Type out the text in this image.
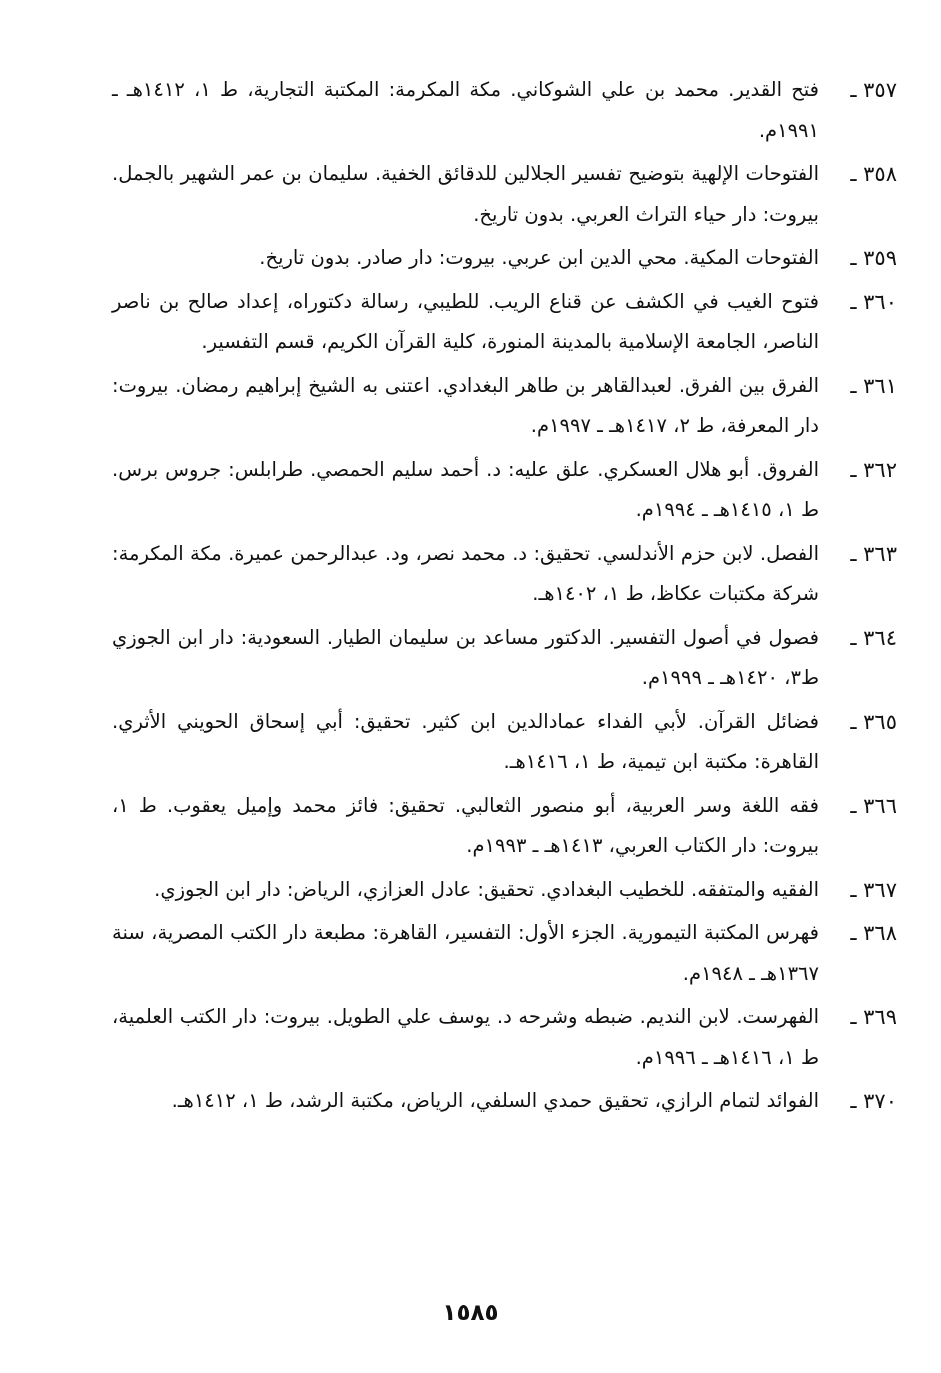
٣٥٧ ـ
فتح القدير. محمد بن علي الشوكاني. مكة المكرمة: المكتبة التجارية، ط ١، ١٤١٢هـ ـ ١٩٩١م.
٣٥٨ ـ
الفتوحات الإلهية بتوضيح تفسير الجلالين للدقائق الخفية. سليمان بن عمر الشهير بالجمل. بيروت: دار حياء التراث العربي. بدون تاريخ.
٣٥٩ ـ
الفتوحات المكية. محي الدين ابن عربي. بيروت: دار صادر. بدون تاريخ.
٣٦٠ ـ
فتوح الغيب في الكشف عن قناع الريب. للطيبي، رسالة دكتوراه، إعداد صالح بن ناصر الناصر، الجامعة الإسلامية بالمدينة المنورة، كلية القرآن الكريم، قسم التفسير.
٣٦١ ـ
الفرق بين الفرق. لعبدالقاهر بن طاهر البغدادي. اعتنى به الشيخ إبراهيم رمضان. بيروت: دار المعرفة، ط ٢، ١٤١٧هـ ـ ١٩٩٧م.
٣٦٢ ـ
الفروق. أبو هلال العسكري. علق عليه: د. أحمد سليم الحمصي. طرابلس: جروس برس. ط ١، ١٤١٥هـ ـ ١٩٩٤م.
٣٦٣ ـ
الفصل. لابن حزم الأندلسي. تحقيق: د. محمد نصر، ود. عبدالرحمن عميرة. مكة المكرمة: شركة مكتبات عكاظ، ط ١، ١٤٠٢هـ.
٣٦٤ ـ
فصول في أصول التفسير. الدكتور مساعد بن سليمان الطيار. السعودية: دار ابن الجوزي ط٣، ١٤٢٠هـ ـ ١٩٩٩م.
٣٦٥ ـ
فضائل القرآن. لأبي الفداء عمادالدين ابن كثير. تحقيق: أبي إسحاق الحويني الأثري. القاهرة: مكتبة ابن تيمية، ط ١، ١٤١٦هـ.
٣٦٦ ـ
فقه اللغة وسر العربية، أبو منصور الثعالبي. تحقيق: فائز محمد وإميل يعقوب. ط ١، بيروت: دار الكتاب العربي، ١٤١٣هـ ـ ١٩٩٣م.
٣٦٧ ـ
الفقيه والمتفقه. للخطيب البغدادي. تحقيق: عادل العزازي، الرياض: دار ابن الجوزي.
٣٦٨ ـ
فهرس المكتبة التيمورية. الجزء الأول: التفسير، القاهرة: مطبعة دار الكتب المصرية، سنة ١٣٦٧هـ ـ ١٩٤٨م.
٣٦٩ ـ
الفهرست. لابن النديم. ضبطه وشرحه د. يوسف علي الطويل. بيروت: دار الكتب العلمية، ط ١، ١٤١٦هـ ـ ١٩٩٦م.
٣٧٠ ـ
الفوائد لتمام الرازي، تحقيق حمدي السلفي، الرياض، مكتبة الرشد، ط ١، ١٤١٢هـ.
١٥٨٥
